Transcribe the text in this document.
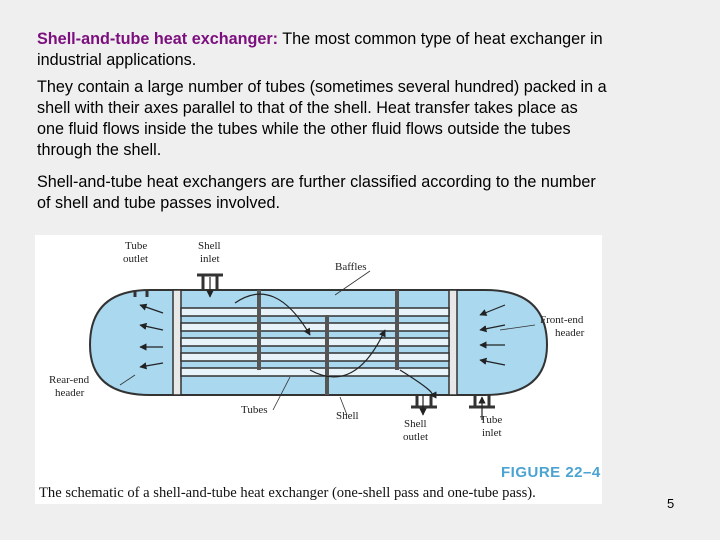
Shell-and-tube heat exchanger: The most common type of heat exchanger in industrial applications.

They contain a large number of tubes (sometimes several hundred) packed in a shell with their axes parallel to that of the shell. Heat transfer takes place as one fluid flows inside the tubes while the other fluid flows outside the tubes through the shell.

Shell-and-tube heat exchangers are further classified according to the number of shell and tube passes involved.

Tube
outlet
Shell
inlet
Baffles
Front-end
header
Rear-end
header
Tubes	Shell
Shell
outlet
Tube
inlet
FIGURE 22–4
The schematic of a shell-and-tube heat exchanger (one-shell pass and one-tube pass).
5
